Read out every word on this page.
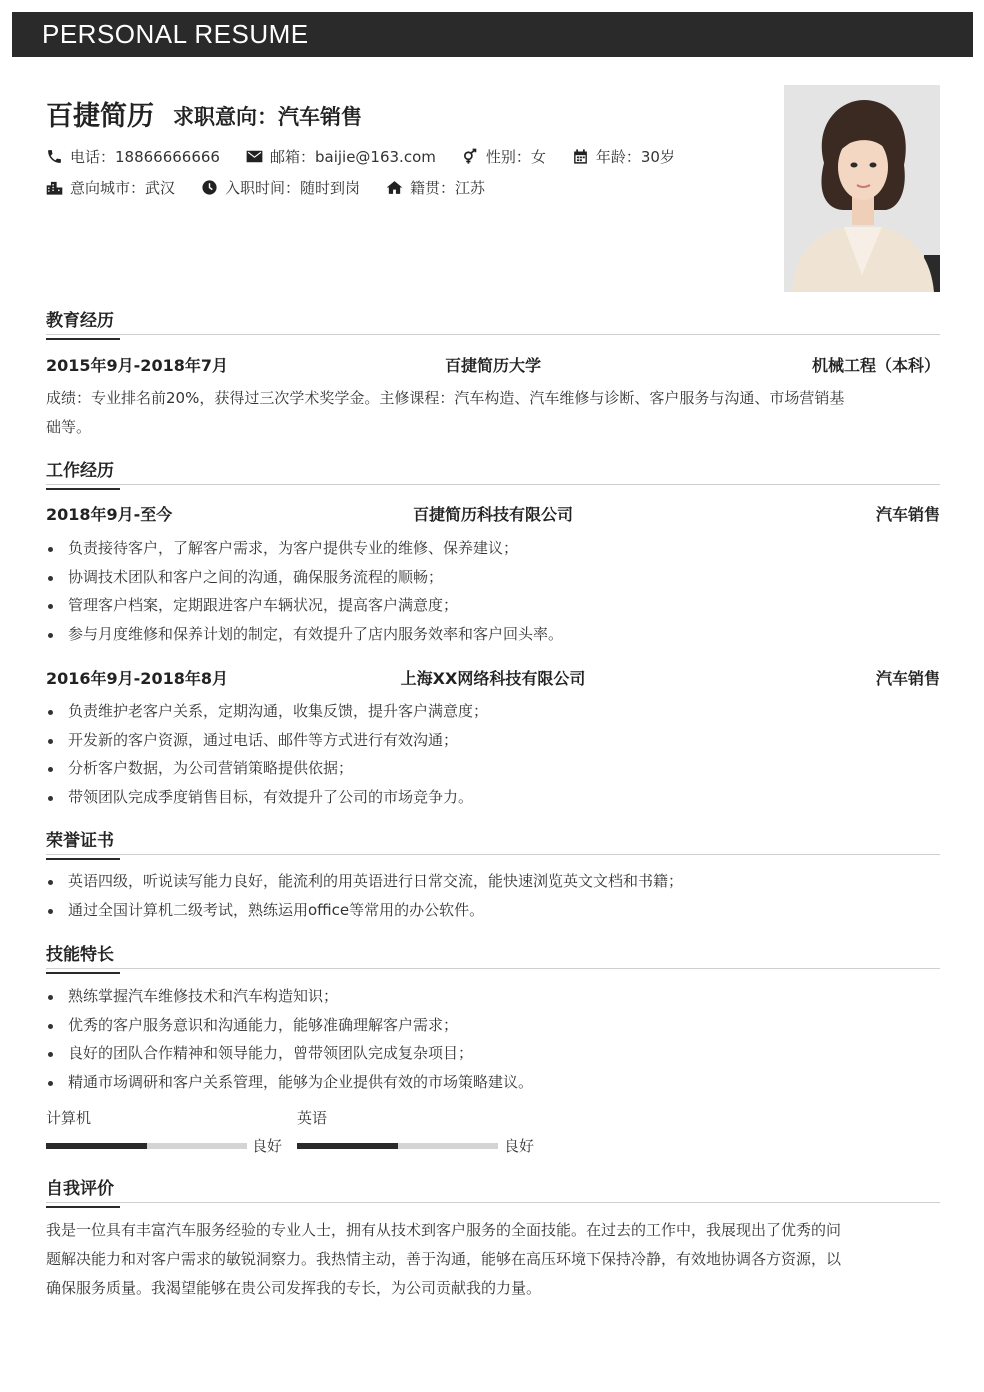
PERSONAL RESUME
百捷简历 求职意向：汽车销售
电话：18866666666	邮箱：baijie@163.com	性别：女	年龄：30岁
意向城市：武汉	入职时间：随时到岗	籍贯：江苏
教育经历
2015年9月-2018年7月	百捷简历大学	机械工程（本科）
成绩：专业排名前20%，获得过三次学术奖学金。主修课程：汽车构造、汽车维修与诊断、客户服务与沟通、市场营销基
础等。
工作经历
2018年9月-至今	百捷简历科技有限公司	汽车销售
负责接待客户，了解客户需求，为客户提供专业的维修、保养建议；
协调技术团队和客户之间的沟通，确保服务流程的顺畅；
管理客户档案，定期跟进客户车辆状况，提高客户满意度；
参与月度维修和保养计划的制定，有效提升了店内服务效率和客户回头率。
2016年9月-2018年8月	上海XX网络科技有限公司	汽车销售
负责维护老客户关系，定期沟通，收集反馈，提升客户满意度；
开发新的客户资源，通过电话、邮件等方式进行有效沟通；
分析客户数据，为公司营销策略提供依据；
带领团队完成季度销售目标，有效提升了公司的市场竞争力。
荣誉证书
英语四级，听说读写能力良好，能流利的用英语进行日常交流，能快速浏览英文文档和书籍；
通过全国计算机二级考试，熟练运用office等常用的办公软件。
技能特长
熟练掌握汽车维修技术和汽车构造知识；
优秀的客户服务意识和沟通能力，能够准确理解客户需求；
良好的团队合作精神和领导能力，曾带领团队完成复杂项目；
精通市场调研和客户关系管理，能够为企业提供有效的市场策略建议。
计算机
良好
英语
良好
自我评价
我是一位具有丰富汽车服务经验的专业人士，拥有从技术到客户服务的全面技能。在过去的工作中，我展现出了优秀的问
题解决能力和对客户需求的敏锐洞察力。我热情主动，善于沟通，能够在高压环境下保持冷静，有效地协调各方资源，以
确保服务质量。我渴望能够在贵公司发挥我的专长，为公司贡献我的力量。
